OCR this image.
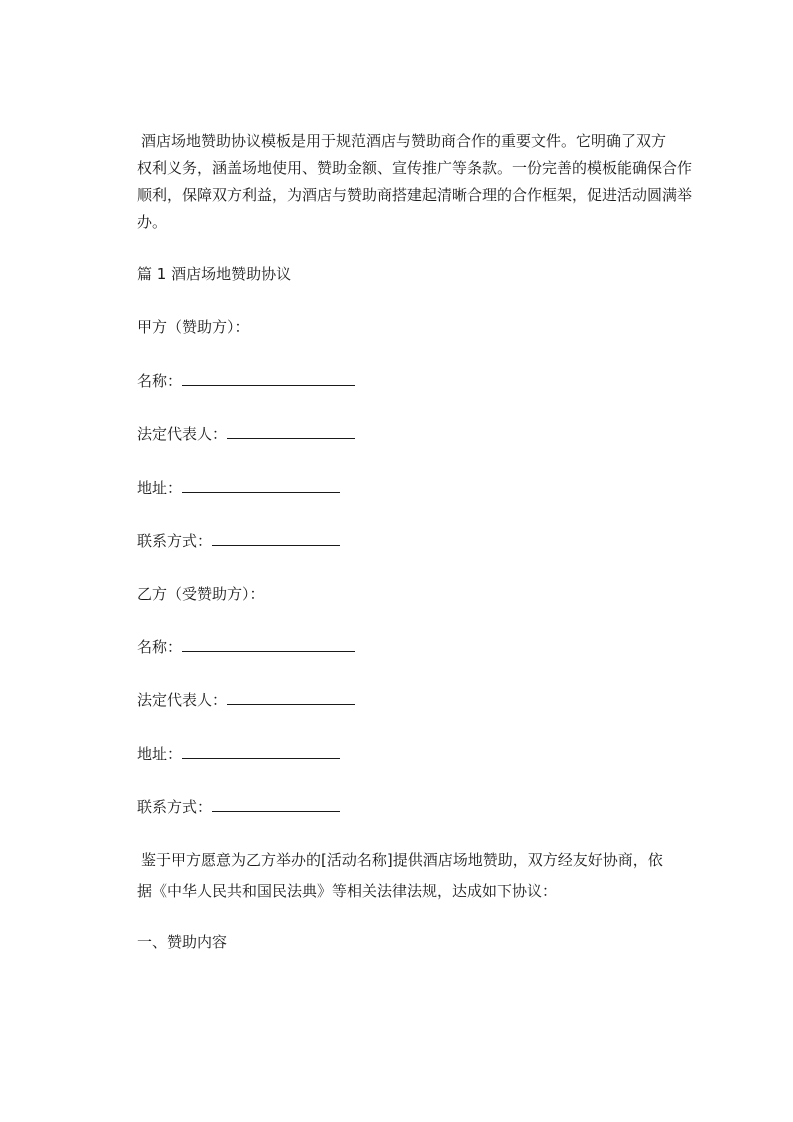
酒店场地赞助协议模板是用于规范酒店与赞助商合作的重要文件。它明确了双方

权利义务，涵盖场地使用、赞助金额、宣传推广等条款。一份完善的模板能确保合作

顺利，保障双方利益，为酒店与赞助商搭建起清晰合理的合作框架，促进活动圆满举

办。

篇 1 酒店场地赞助协议

甲方（赞助方）：

名称：

法定代表人：

地址：

联系方式：

乙方（受赞助方）：

名称：

法定代表人：

地址：

联系方式：

鉴于甲方愿意为乙方举办的[活动名称]提供酒店场地赞助，双方经友好协商，依

据《中华人民共和国民法典》等相关法律法规，达成如下协议：

一、赞助内容
